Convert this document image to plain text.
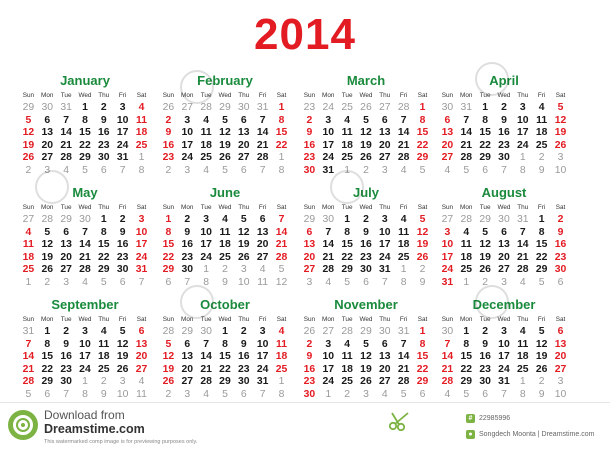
2014
January
Sun	Mon	Tue	Wed	Thu	Fri	Sat
29 30 31 1	2	3	4
5	6	7	8	9 10 11
12 13 14 15 16 17 18
19 20 21 22 23 24 25
26 27 28 29 30 31 1
2	3	4	5	6	7	8
February
Sun	Mon	Tue	Wed	Thu	Fri	Sat
26 27 28 29 30 31 1
2	3	4	5	6	7	8
9 10 11 12 13 14 15
16 17 18 19 20 21 22
23 24 25 26 27 28 1
2	3	4	5	6	7	8
March
Sun	Mon	Tue	Wed	Thu	Fri	Sat
23 24 25 26 27 28 1
2	3	4	5	6	7	8
9 10 11 12 13 14 15
16 17 18 19 20 21 22
23 24 25 26 27 28 29
30 31 1	2	3	4	5
April
Sun	Mon	Tue	Wed	Thu	Fri	Sat
30 31 1	2	3	4	5
6	7	8	9 10 11 12
13 14 15 16 17 18 19
20 21 22 23 24 25 26
27 28 29 30 1	2	3
4	5	6	7	8	9 10
May
Sun	Mon	Tue	Wed	Thu	Fri	Sat
27 28 29 30 1	2	3
4	5	6	7	8	9 10
11 12 13 14 15 16 17
18 19 20 21 22 23 24
25 26 27 28 29 30 31
1	2	3	4	5	6	7
June
Sun	Mon	Tue	Wed	Thu	Fri	Sat
1	2	3	4	5	6	7
8	9 10 11 12 13 14
15 16 17 18 19 20 21
22 23 24 25 26 27 28
29 30 1	2	3	4	5
6	7	8	9 10 11 12
July
Sun	Mon	Tue	Wed	Thu	Fri	Sat
29 30 1	2	3	4	5
6	7	8	9 10 11 12
13 14 15 16 17 18 19
20 21 22 23 24 25 26
27 28 29 30 31 1	2
3	4	5	6	7	8	9
August
Sun	Mon	Tue	Wed	Thu	Fri	Sat
27 28 29 30 31 1	2
3	4	5	6	7	8	9
10 11 12 13 14 15 16
17 18 19 20 21 22 23
24 25 26 27 28 29 30
31 1	2	3	4	5	6
September
Sun	Mon	Tue	Wed	Thu	Fri	Sat
31 1	2	3	4	5	6
7	8	9 10 11 12 13
14 15 16 17 18 19 20
21 22 23 24 25 26 27
28 29 30 1	2	3	4
5	6	7	8	9 10 11
October
Sun	Mon	Tue	Wed	Thu	Fri	Sat
28 29 30 1	2	3	4
5	6	7	8	9 10 11
12 13 14 15 16 17 18
19 20 21 22 23 24 25
26 27 28 29 30 31 1
2	3	4	5	6	7	8
November
Sun	Mon	Tue	Wed	Thu	Fri	Sat
26 27 28 29 30 31 1
2	3	4	5	6	7	8
9 10 11 12 13 14 15
16 17 18 19 20 21 22
23 24 25 26 27 28 29
30 1	2	3	4	5	6
December
Sun	Mon	Tue	Wed	Thu	Fri	Sat
30 1	2	3	4	5	6
7	8	9 10 11 12 13
14 15 16 17 18 19 20
21 22 23 24 25 26 27
28 29 30 31 1	2	3
4	5	6	7	8	9 10
Download from
Dreamstime.com
This watermarked comp image is for previewing purposes only.
# 22985996
● Songdech Moonta | Dreamstime.com
